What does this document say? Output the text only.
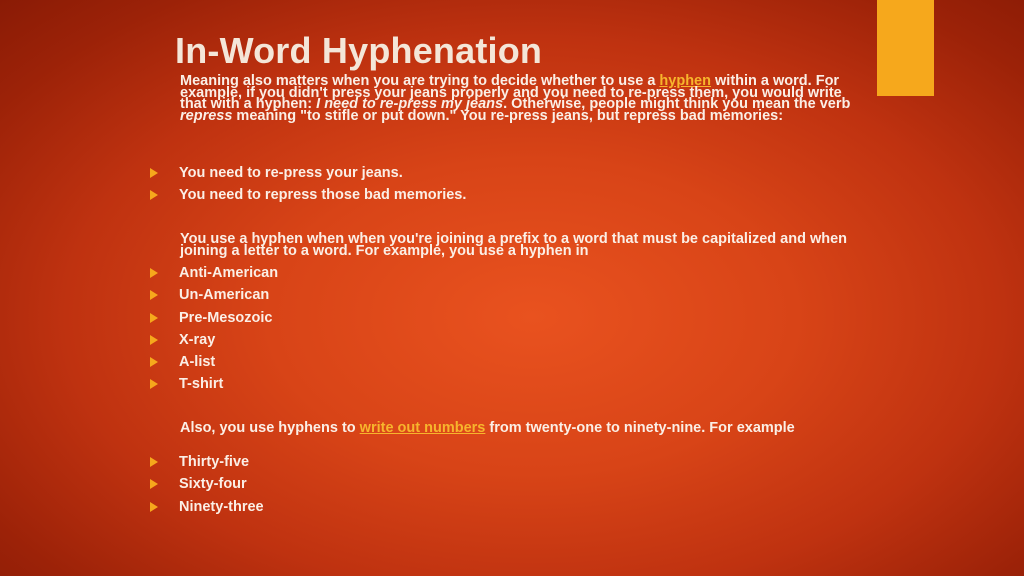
In-Word Hyphenation

Meaning also matters when you are trying to decide whether to use a hyphen within a word. For example, if you didn't press your jeans properly and you need to re-press them, you would write that with a hyphen: I need to re-press my jeans. Otherwise, people might think you mean the verb repress meaning "to stifle or put down." You re-press jeans, but repress bad memories:

You need to re-press your jeans.
You need to repress those bad memories.

You use a hyphen when when you're joining a prefix to a word that must be capitalized and when joining a letter to a word. For example, you use a hyphen in

Anti-American
Un-American
Pre-Mesozoic
X-ray
A-list
T-shirt

Also, you use hyphens to write out numbers from twenty-one to ninety-nine. For example

Thirty-five
Sixty-four
Ninety-three
